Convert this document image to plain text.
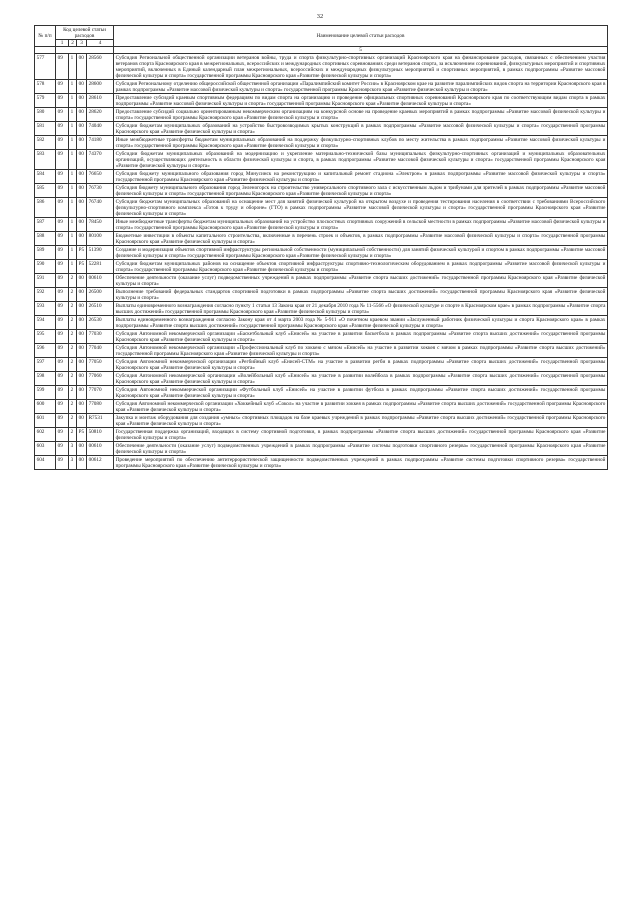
32
№ п/п	Код целевой статьи расходов				Наименование целевой статьи расходов
	1	2	3	4	
					5
577	09	1	00	28560	Субсидия Региональной общественной организации ветеранов войны, труда и спорта физкультурно-спортивных организаций Красноярского края на финансирование расходов, связанных с обеспечением участия ветеранов спорта Красноярского края в межрегиональных, всероссийских и международных спортивных соревнованиях среди ветеранов спорта, за исключением соревнований, физкультурных мероприятий и спортивных мероприятий, включенных в Единый календарный план межрегиональных, всероссийских и международных физкультурных мероприятий и спортивных мероприятий, в рамках подпрограммы «Развитие массовой физической культуры и спорта» государственной программы Красноярского края «Развитие физической культуры и спорта»
578	09	1	00	28600	Субсидия Региональному отделению общероссийской общественной организации «Паралимпийский комитет России» в Красноярском крае на развитие паралимпийских видов спорта на территории Красноярского края в рамках подпрограммы «Развитие массовой физической культуры и спорта» государственной программы Красноярского края «Развитие физической культуры и спорта»
579	09	1	00	28610	Предоставление субсидий краевым спортивным федерациям по видам спорта на организацию и проведение официальных спортивных соревнований Красноярского края по соответствующим видам спорта в рамках подпрограммы «Развитие массовой физической культуры и спорта» государственной программы Красноярского края «Развитие физической культуры и спорта»
580	09	1	00	28620	Предоставление субсидий социально ориентированным некоммерческим организациям на конкурсной основе на проведение краевых мероприятий в рамках подпрограммы «Развитие массовой физической культуры и спорта» государственной программы Красноярского края «Развитие физической культуры и спорта»
581	09	1	00	74040	Субсидии бюджетам муниципальных образований на устройство быстровозводимых крытых конструкций в рамках подпрограммы «Развитие массовой физической культуры и спорта» государственной программы Красноярского края «Развитие физической культуры и спорта»
582	09	1	00	74180	Иные межбюджетные трансферты бюджетам муниципальных образований на поддержку физкультурно-спортивных клубов по месту жительства в рамках подпрограммы «Развитие массовой физической культуры и спорта» государственной программы Красноярского края «Развитие физической культуры и спорта»
583	09	1	00	74370	Субсидии бюджетам муниципальных образований на модернизацию и укрепление материально-технической базы муниципальных физкультурно-спортивных организаций и муниципальных образовательных организаций, осуществляющих деятельность в области физической культуры и спорта, в рамках подпрограммы «Развитие массовой физической культуры и спорта» государственной программы Красноярского края «Развитие физической культуры и спорта»
584	09	1	00	76650	Субсидия бюджету муниципального образования город Минусинск на реконструкцию и капитальный ремонт стадиона «Электрон» в рамках подпрограммы «Развитие массовой физической культуры и спорта» государственной программы Красноярского края «Развитие физической культуры и спорта»
585	09	1	00	76730	Субсидия бюджету муниципального образования город Зеленогорск на строительство универсального спортивного зала с искусственным льдом и трибунами для зрителей в рамках подпрограммы «Развитие массовой физической культуры и спорта» государственной программы Красноярского края «Развитие физической культуры и спорта»
586	09	1	00	76740	Субсидии бюджетам муниципальных образований на оснащение мест для занятий физической культурой на открытом воздухе и проведения тестирования населения в соответствии с требованиями Всероссийского физкультурно-спортивного комплекса «Готов к труду и обороне» (ГТО) в рамках подпрограммы «Развитие массовой физической культуры и спорта» государственной программы Красноярского края «Развитие физической культуры и спорта»
587	09	1	00	78450	Иные межбюджетные трансферты бюджетам муниципальных образований на устройство плоскостных спортивных сооружений в сельской местности в рамках подпрограммы «Развитие массовой физической культуры и спорта» государственной программы Красноярского края «Развитие физической культуры и спорта»
588	09	1	00	80100	Бюджетные инвестиции в объекты капитального строительства, включенные в перечень строек и объектов, в рамках подпрограммы «Развитие массовой физической культуры и спорта» государственной программы Красноярского края «Развитие физической культуры и спорта»
589	09	1	Р5	51390	Создание и модернизация объектов спортивной инфраструктуры региональной собственности (муниципальной собственности) для занятий физической культурой и спортом в рамках подпрограммы «Развитие массовой физической культуры и спорта» государственной программы Красноярского края «Развитие физической культуры и спорта»
590	09	1	Р5	52281	Субсидии бюджетам муниципальных районов на оснащение объектов спортивной инфраструктуры спортивно-технологическим оборудованием в рамках подпрограммы «Развитие массовой физической культуры и спорта» государственной программы Красноярского края «Развитие физической культуры и спорта»
591	09	2	00	00610	Обеспечение деятельности (оказание услуг) подведомственных учреждений в рамках подпрограммы «Развитие спорта высших достижений» государственной программы Красноярского края «Развитие физической культуры и спорта»
592	09	2	00	26500	Выполнение требований федеральных стандартов спортивной подготовки в рамках подпрограммы «Развитие спорта высших достижений» государственной программы Красноярского края «Развитие физической культуры и спорта»
593	09	2	00	26510	Выплаты единовременного вознаграждения согласно пункту 1 статьи 13 Закона края от 21 декабря 2010 года № 11-5566 «О физической культуре и спорте в Красноярском крае» в рамках подпрограммы «Развитие спорта высших достижений» государственной программы Красноярского края «Развитие физической культуры и спорта»
594	09	2	00	26530	Выплаты единовременного вознаграждения согласно Закону края от 4 марта 2003 года № 5-911 «О почетном краевом звании «Заслуженный работник физической культуры и спорта Красноярского края» в рамках подпрограммы «Развитие спорта высших достижений» государственной программы Красноярского края «Развитие физической культуры и спорта»
595	09	2	00	77030	Субсидия Автономной некоммерческой организации «Баскетбольный клуб «Енисей» на участие в развитии баскетбола в рамках подпрограммы «Развитие спорта высших достижений» государственной программы Красноярского края «Развитие физической культуры и спорта»
596	09	2	00	77040	Субсидия Автономной некоммерческой организации «Профессиональный клуб по хоккею с мячом «Енисей» на участие в развитии хоккея с мячом в рамках подпрограммы «Развитие спорта высших достижений» государственной программы Красноярского края «Развитие физической культуры и спорта»
597	09	2	00	77050	Субсидия Автономной некоммерческой организации «Регбийный клуб «Енисей-СТМ» на участие в развитии регби в рамках подпрограммы «Развитие спорта высших достижений» государственной программы Красноярского края «Развитие физической культуры и спорта»
598	09	2	00	77060	Субсидия Автономной некоммерческой организации «Волейбольный клуб «Енисей» на участие в развитии волейбола в рамках подпрограммы «Развитие спорта высших достижений» государственной программы Красноярского края «Развитие физической культуры и спорта»
599	09	2	00	77070	Субсидия Автономной некоммерческой организации «Футбольный клуб «Енисей» на участие в развитии футбола в рамках подпрограммы «Развитие спорта высших достижений» государственной программы Красноярского края «Развитие физической культуры и спорта»
600	09	2	00	77080	Субсидия Автономной некоммерческой организации «Хоккейный клуб «Сокол» на участие в развитии хоккея в рамках подпрограммы «Развитие спорта высших достижений» государственной программы Красноярского края «Развитие физической культуры и спорта»
601	09	2	00	R7531	Закупка и монтаж оборудования для создания «умных» спортивных площадок на базе краевых учреждений в рамках подпрограммы «Развитие спорта высших достижений» государственной программы Красноярского края «Развитие физической культуры и спорта»
602	09	2	Р5	50810	Государственная поддержка организаций, входящих в систему спортивной подготовки, в рамках подпрограммы «Развитие спорта высших достижений» государственной программы Красноярского края «Развитие физической культуры и спорта»
603	09	3	00	00610	Обеспечение деятельности (оказание услуг) подведомственных учреждений в рамках подпрограммы «Развитие системы подготовки спортивного резерва» государственной программы Красноярского края «Развитие физической культуры и спорта»
604	09	3	00	00612	Проведение мероприятий по обеспечению антитеррористической защищенности подведомственных учреждений в рамках подпрограммы «Развитие системы подготовки спортивного резерва» государственной программы Красноярского края «Развитие физической культуры и спорта»
